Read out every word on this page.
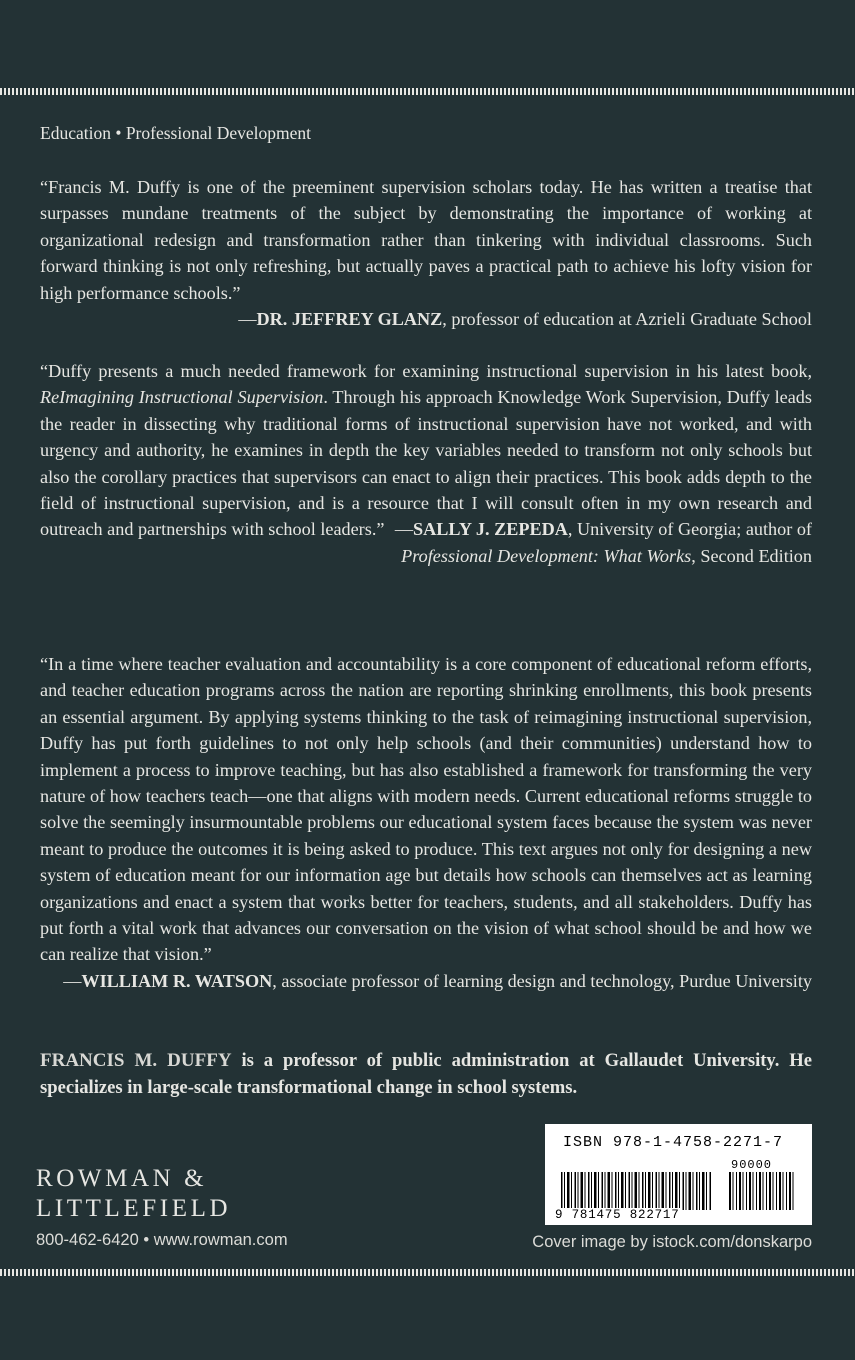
Education • Professional Development
“Francis M. Duffy is one of the preeminent supervision scholars today. He has written a treatise that surpasses mundane treatments of the subject by demonstrating the importance of working at organizational redesign and transformation rather than tinkering with individual classrooms. Such forward thinking is not only refreshing, but actually paves a practical path to achieve his lofty vision for high performance schools.”
—DR. JEFFREY GLANZ, professor of education at Azrieli Graduate School
“Duffy presents a much needed framework for examining instructional supervision in his latest book, ReImagining Instructional Supervision. Through his approach Knowledge Work Supervision, Duffy leads the reader in dissecting why traditional forms of instructional supervision have not worked, and with urgency and authority, he examines in depth the key variables needed to transform not only schools but also the corollary practices that supervisors can enact to align their practices. This book adds depth to the field of instructional supervision, and is a resource that I will consult often in my own research and outreach and partnerships with school leaders.” —SALLY J. ZEPEDA, University of Georgia; author of
Professional Development: What Works, Second Edition
“In a time where teacher evaluation and accountability is a core component of educational reform efforts, and teacher education programs across the nation are reporting shrinking enrollments, this book presents an essential argument. By applying systems thinking to the task of reimagining instructional supervision, Duffy has put forth guidelines to not only help schools (and their communities) understand how to implement a process to improve teaching, but has also established a framework for transforming the very nature of how teachers teach—one that aligns with modern needs. Current educational reforms struggle to solve the seemingly insurmountable problems our educational system faces because the system was never meant to produce the outcomes it is being asked to produce. This text argues not only for designing a new system of education meant for our information age but details how schools can themselves act as learning organizations and enact a system that works better for teachers, students, and all stakeholders. Duffy has put forth a vital work that advances our conversation on the vision of what school should be and how we can realize that vision.”
—WILLIAM R. WATSON, associate professor of learning design and technology, Purdue University
FRANCIS M. DUFFY is a professor of public administration at Gallaudet University. He specializes in large-scale transformational change in school systems.
ROWMAN &
LITTLEFIELD
800-462-6420 • www.rowman.com
ISBN 978-1-4758-2271-7
90000
9 781475 822717
Cover image by istock.com/donskarpo
